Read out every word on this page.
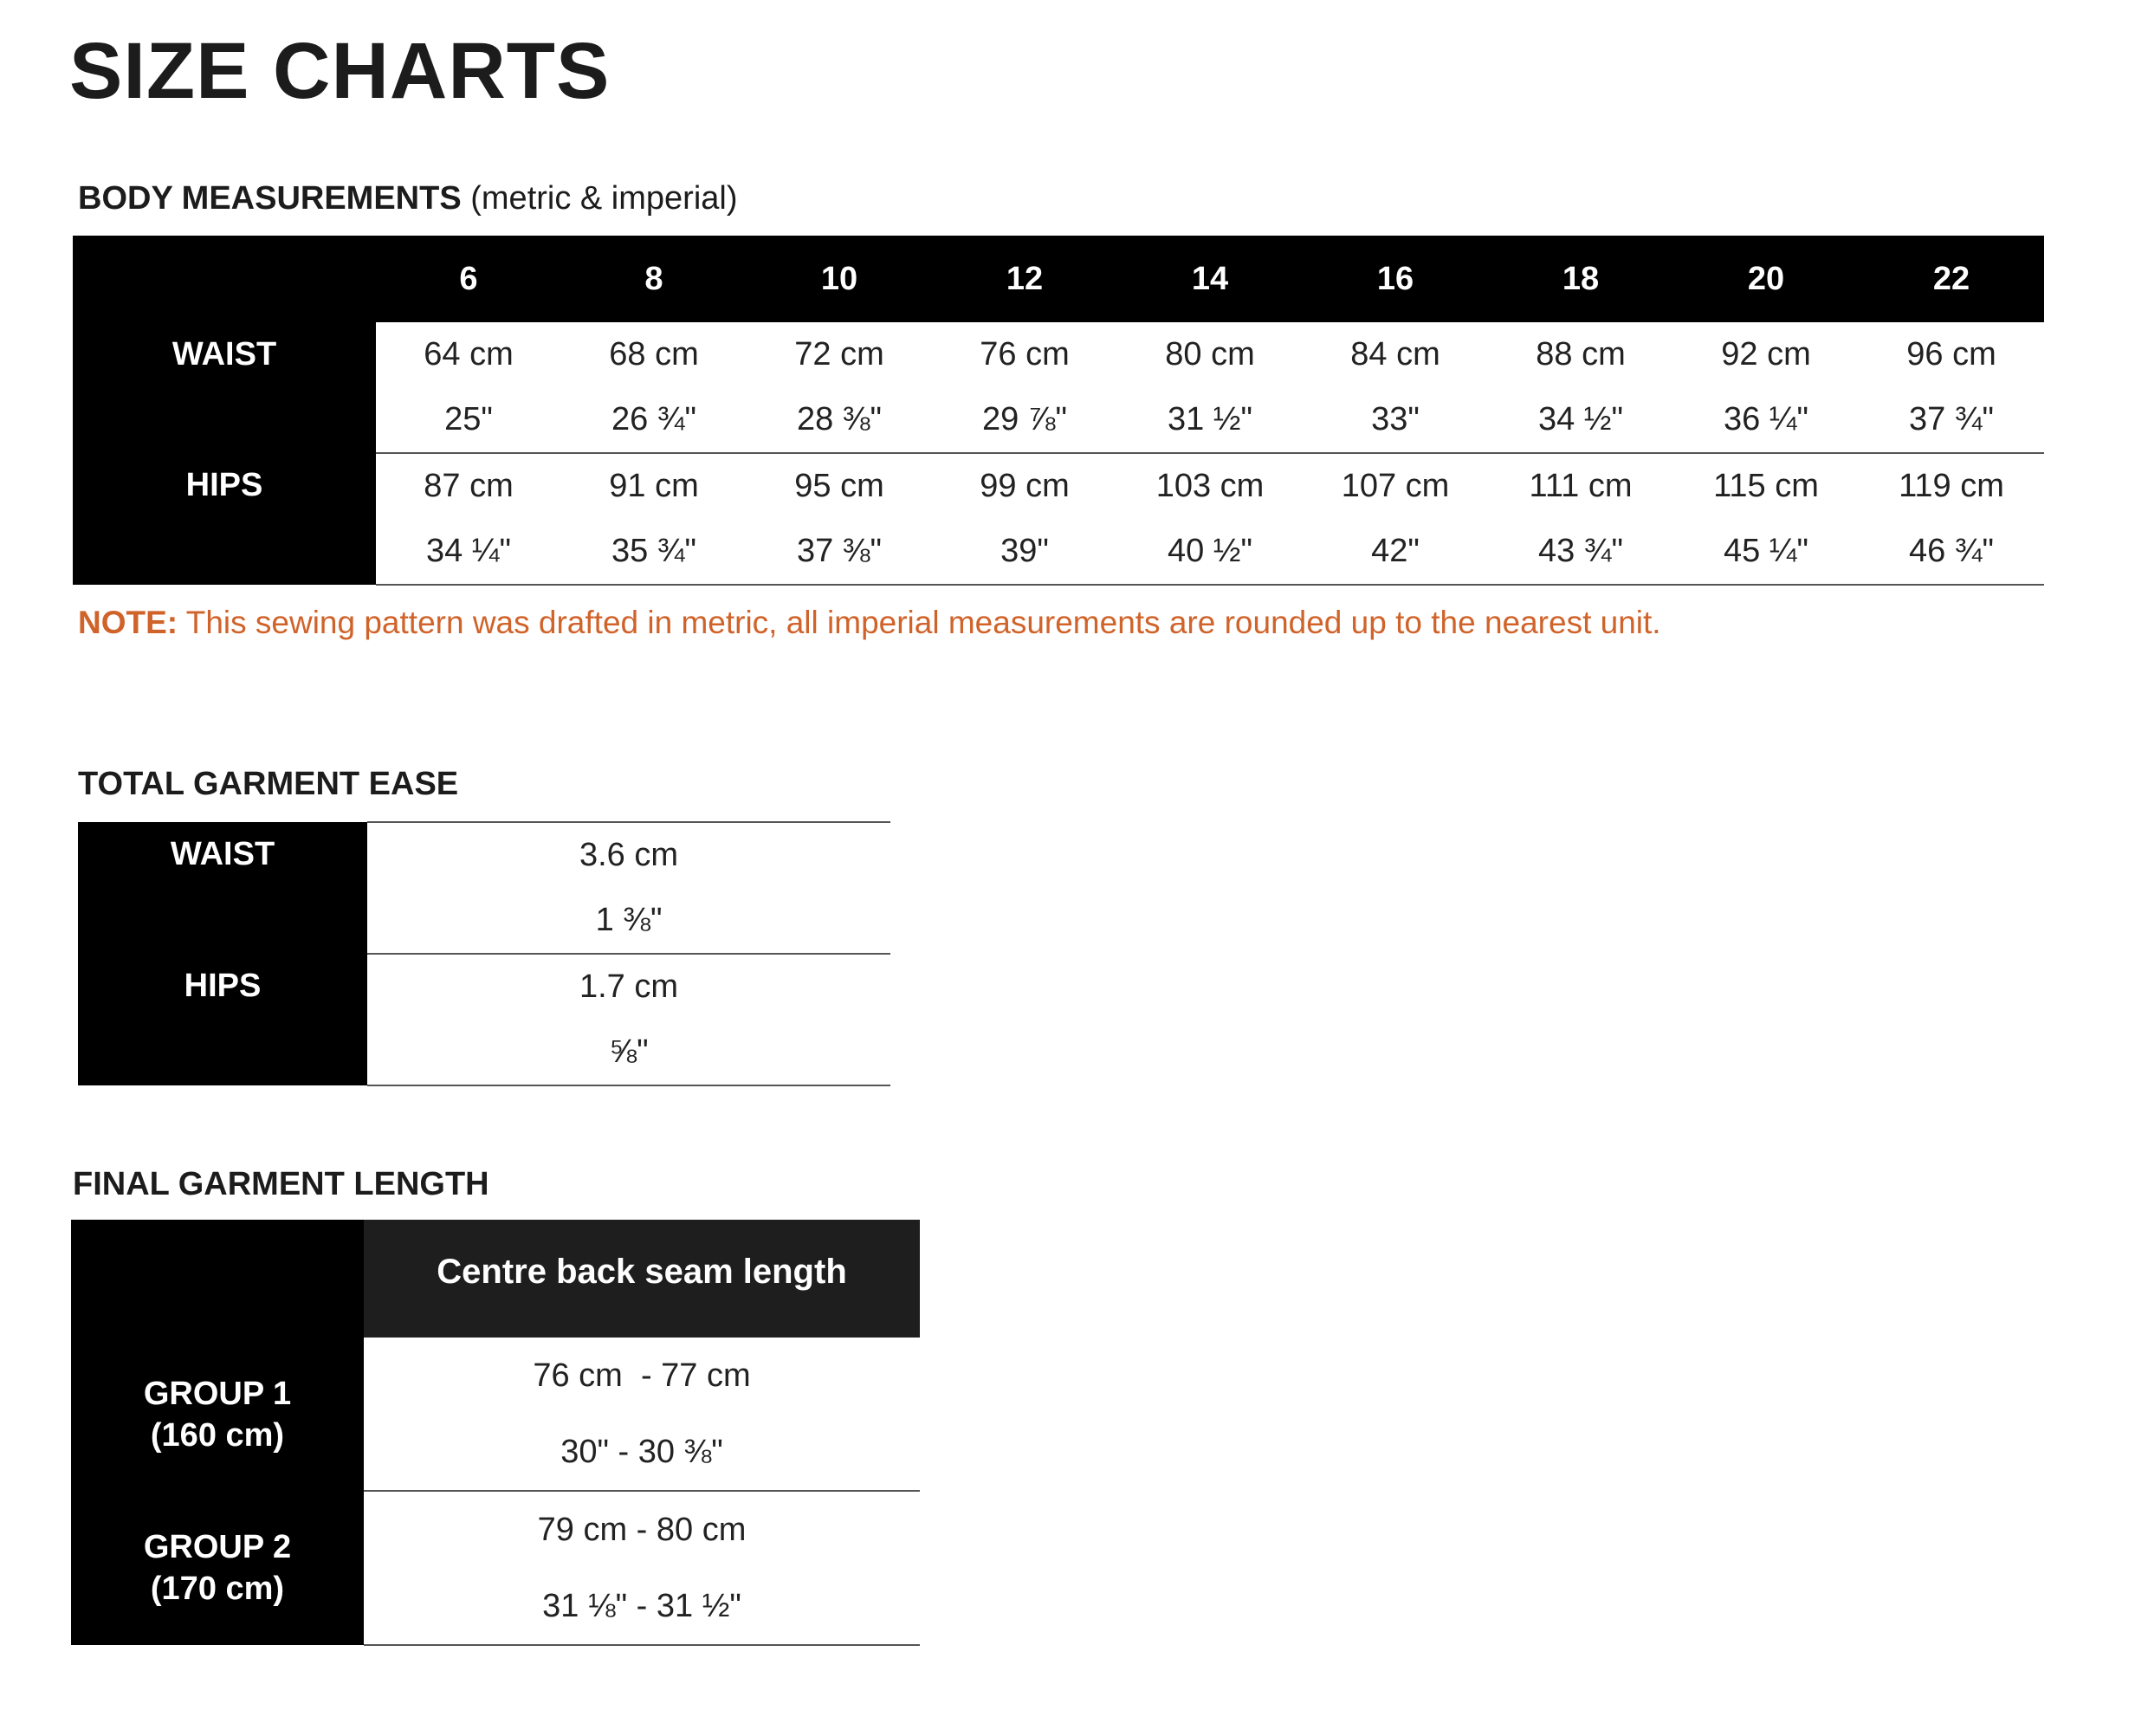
SIZE CHARTS
BODY MEASUREMENTS (metric & imperial)
	6	8	10	12	14	16	18	20	22
WAIST	64 cm	68 cm	72 cm	76 cm	80 cm	84 cm	88 cm	92 cm	96 cm

	25"	26 ¾"	28 ⅜"	29 ⅞"	31 ½"	33"	34 ½"	36 ¼"	37 ¾"

HIPS	87 cm	91 cm	95 cm	99 cm	103 cm	107 cm	111 cm	115 cm	119 cm

	34 ¼"	35 ¾"	37 ⅜"	39"	40 ½"	42"	43 ¾"	45 ¼"	46 ¾"
NOTE: This sewing pattern was drafted in metric, all imperial measurements are rounded up to the nearest unit.
TOTAL GARMENT EASE
WAIST	3.6 cm

	1 ⅜"

HIPS	1.7 cm

	⅝"
FINAL GARMENT LENGTH
	Centre back seam length

GROUP 1
(160 cm)	76 cm  - 77 cm

	30" - 30 ⅜"

GROUP 2
(170 cm)	79 cm - 80 cm

	31 ⅛" - 31 ½"
